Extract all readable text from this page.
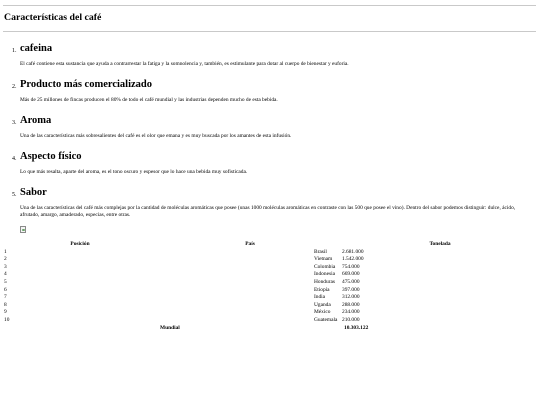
Características del café
1. cafeina

El café contiene esta sustancia que ayuda a contrarrestar la fatiga y la somnolencia y, también, es estimulante para dotar al cuerpo de bienestar y euforia.

2. Producto más comercializado

Más de 25 millones de fincas producen el 80% de todo el café mundial y las industrias dependen mucho de esta bebida.

3. Aroma

Una de las características más sobresalientes del café es el olor que emana y es muy buscada por los amantes de esta infusión.

4. Aspecto físico

Lo que más resalta, aparte del aroma, es el tono oscuro y espesor que lo hace una bebida muy sofisticada.

5. Sabor

Una de las características del café más complejas por la cantidad de moléculas aromáticas que posee (unas 1000 moléculas aromáticas en contraste con las 500 que posee el vino). Dentro del sabor podemos distinguir: dulce, ácido, afrutado, amargo, amaderado, especias, entre otras.

Posición	País	Tonelada
1	Brasil	2.681.000
2	Vietnam	1.542.000
3	Colombia	754.000
4	Indonesia	669.000
5	Honduras	475.000
6	Etiopía	397.000
7	India	312.000
8	Uganda	288.000
9	México	234.000
10	Guatemala	210.000
	Mundial	10.303.122
